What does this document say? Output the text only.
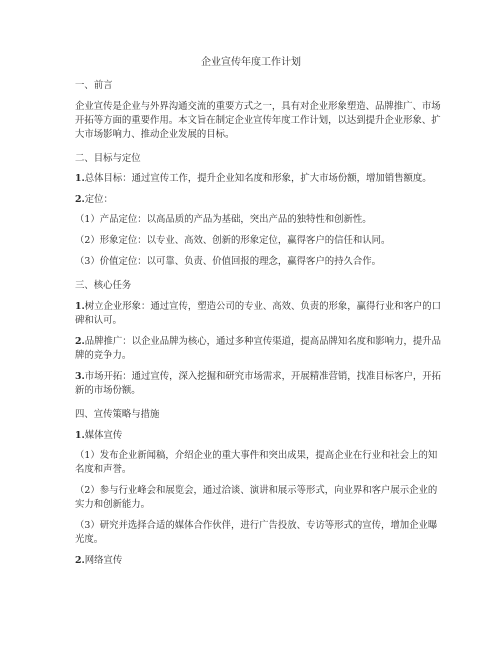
企业宣传年度工作计划
一、前言
企业宣传是企业与外界沟通交流的重要方式之一，具有对企业形象塑造、品牌推广、市场
开拓等方面的重要作用。本文旨在制定企业宣传年度工作计划，以达到提升企业形象、扩
大市场影响力、推动企业发展的目标。
二、目标与定位
1.总体目标：通过宣传工作，提升企业知名度和形象，扩大市场份额，增加销售额度。
2.定位：
（1）产品定位：以高品质的产品为基础，突出产品的独特性和创新性。
（2）形象定位：以专业、高效、创新的形象定位，赢得客户的信任和认同。
（3）价值定位：以可靠、负责、价值回报的理念，赢得客户的持久合作。
三、核心任务
1.树立企业形象：通过宣传，塑造公司的专业、高效、负责的形象，赢得行业和客户的口
碑和认可。
2.品牌推广：以企业品牌为核心，通过多种宣传渠道，提高品牌知名度和影响力，提升品
牌的竞争力。
3.市场开拓：通过宣传，深入挖掘和研究市场需求，开展精准营销，找准目标客户，开拓
新的市场份额。
四、宣传策略与措施
1.媒体宣传
（1）发布企业新闻稿，介绍企业的重大事件和突出成果，提高企业在行业和社会上的知
名度和声誉。
（2）参与行业峰会和展览会，通过洽谈、演讲和展示等形式，向业界和客户展示企业的
实力和创新能力。
（3）研究并选择合适的媒体合作伙伴，进行广告投放、专访等形式的宣传，增加企业曝
光度。
2.网络宣传
